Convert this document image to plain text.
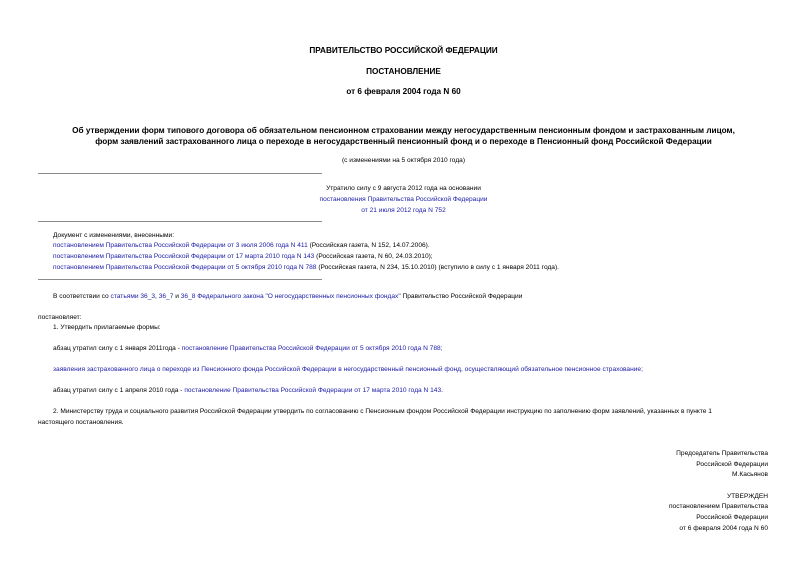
ПРАВИТЕЛЬСТВО РОССИЙСКОЙ ФЕДЕРАЦИИ
ПОСТАНОВЛЕНИЕ
от 6 февраля 2004 года N 60
Об утверждении форм типового договора об обязательном пенсионном страховании между негосударственным пенсионным фондом и застрахованным лицом,
форм заявлений застрахованного лица о переходе в негосударственный пенсионный фонд и о переходе в Пенсионный фонд Российской Федерации
(с изменениями на 5 октября 2010 года)
Утратило силу с 9 августа 2012 года на основании
постановления Правительства Российской Федерации
от 21 июля 2012 года N 752
Документ с изменениями, внесенными:
постановлением Правительства Российской Федерации от 3 июля 2006 года N 411 (Российская газета, N 152, 14.07.2006).
постановлением Правительства Российской Федерации от 17 марта 2010 года N 143 (Российская газета, N 60, 24.03.2010);
постановлением Правительства Российской Федерации от 5 октября 2010 года N 788 (Российская газета, N 234, 15.10.2010) (вступило в силу с 1 января 2011 года).
В соответствии со статьями 36_3, 36_7 и 36_8 Федерального закона "О негосударственных пенсионных фондах" Правительство Российской Федерации
постановляет:
1. Утвердить прилагаемые формы:
абзац утратил силу с 1 января 2011года - постановление Правительства Российской Федерации от 5 октября 2010 года N 788;
заявления застрахованного лица о переходе из Пенсионного фонда Российской Федерации в негосударственный пенсионный фонд, осуществляющий обязательное пенсионное страхование;
абзац утратил силу с 1 апреля 2010 года - постановление Правительства Российской Федерации от 17 марта 2010 года N 143.
2. Министерству труда и социального развития Российской Федерации утвердить по согласованию с Пенсионным фондом Российской Федерации инструкцию по заполнению форм заявлений, указанных в пункте 1
настоящего постановления.
Председатель Правительства
Российской Федерации
М.Касьянов
УТВЕРЖДЕН
постановлением Правительства
Российской Федерации
от 6 февраля 2004 года N 60
